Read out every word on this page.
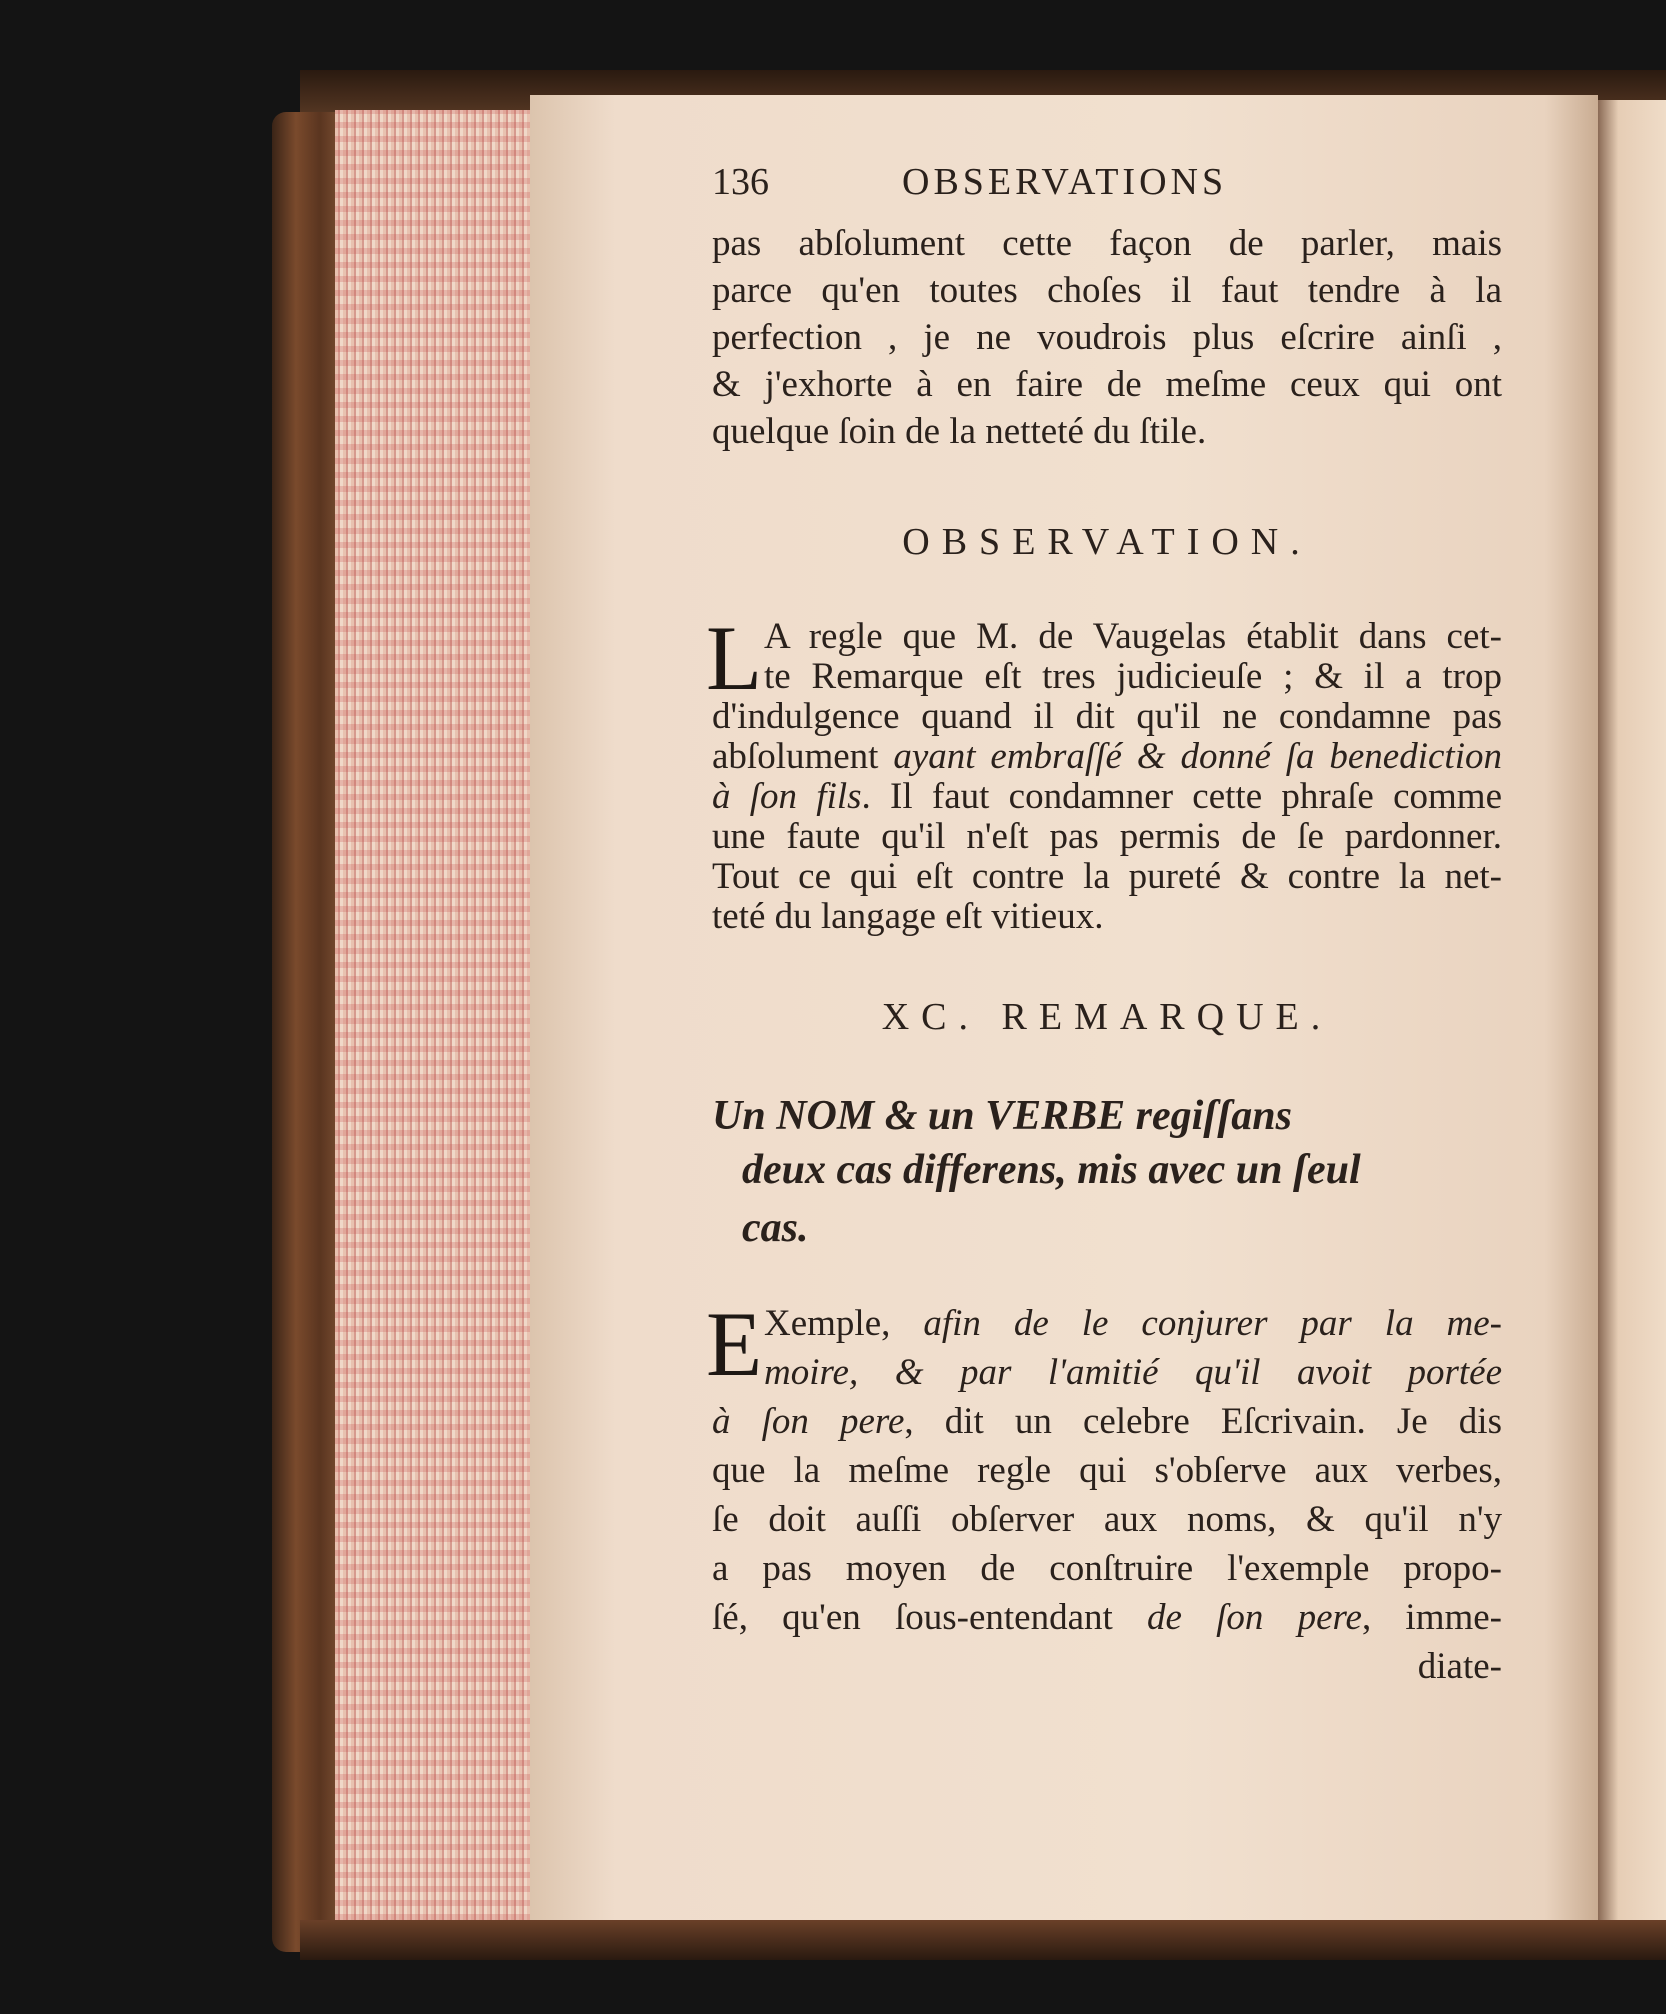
136	OBSERVATIONS
pas abſolument cette façon de parler, mais
parce qu'en toutes choſes il faut tendre à la
perfection , je ne voudrois plus eſcrire ainſi ,
& j'exhorte à en faire de meſme ceux qui ont
quelque ſoin de la netteté du ſtile.
OBSERVATION.
L A regle que M. de Vaugelas établit dans cet-
te Remarque eſt tres judicieuſe ; & il a trop
d'indulgence quand il dit qu'il ne condamne pas
abſolument ayant embraſſé & donné ſa benediction
à ſon fils. Il faut condamner cette phraſe comme
une faute qu'il n'eſt pas permis de ſe pardonner.
Tout ce qui eſt contre la pureté & contre la net-
teté du langage eſt vitieux.
XC. REMARQUE.
Un NOM & un VERBE regiſſans
deux cas differens, mis avec un ſeul
cas.
E Xemple, afin de le conjurer par la me-
moire, & par l'amitié qu'il avoit portée
à ſon pere, dit un celebre Eſcrivain. Je dis
que la meſme regle qui s'obſerve aux verbes,
ſe doit auſſi obſerver aux noms, & qu'il n'y
a pas moyen de conſtruire l'exemple propo-
ſé, qu'en ſous-entendant de ſon pere, imme-
diate-
